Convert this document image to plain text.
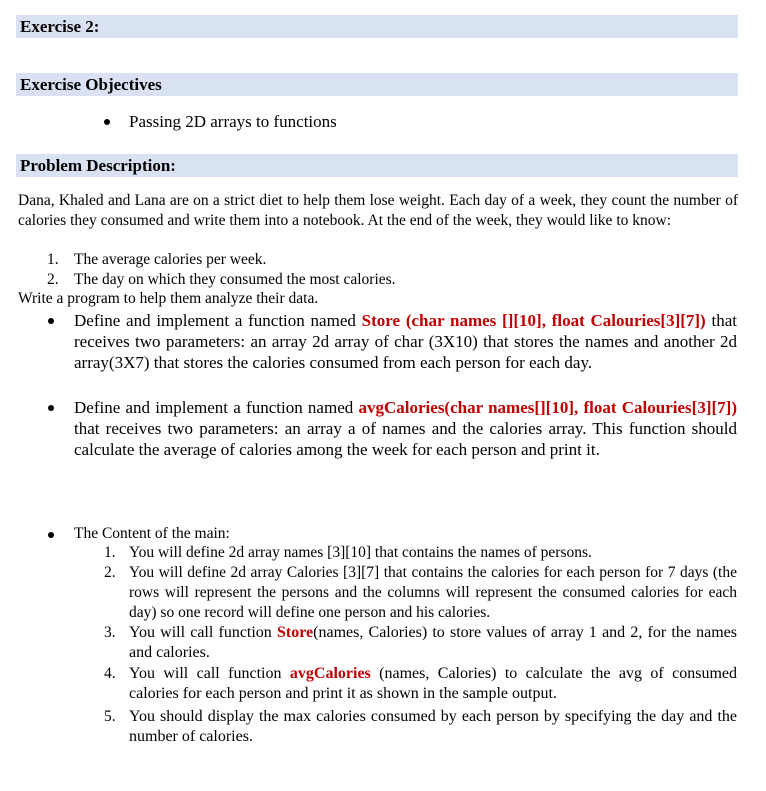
Exercise 2:
Exercise Objectives
Passing 2D arrays to functions
Problem Description:
Dana, Khaled and Lana are on a strict diet to help them lose weight. Each day of a week, they count the number of calories they consumed and write them into a notebook. At the end of the week, they would like to know:
1. The average calories per week.
2. The day on which they consumed the most calories.
Write a program to help them analyze their data.
Define and implement a function named Store (char names [][10], float Calouries[3][7]) that receives two parameters: an array 2d array of char (3X10) that stores the names and another 2d array(3X7) that stores the calories consumed from each person for each day.
Define and implement a function named avgCalories(char names[][10], float Calouries[3][7]) that receives two parameters: an array a of names and the calories array. This function should calculate the average of calories among the week for each person and print it.
The Content of the main:
1. You will define 2d array names [3][10] that contains the names of persons.
2. You will define 2d array Calories [3][7] that contains the calories for each person for 7 days (the rows will represent the persons and the columns will represent the consumed calories for each day) so one record will define one person and his calories.
3. You will call function Store(names, Calories) to store values of array 1 and 2, for the names and calories.
4. You will call function avgCalories (names, Calories) to calculate the avg of consumed calories for each person and print it as shown in the sample output.
5. You should display the max calories consumed by each person by specifying the day and the number of calories.
